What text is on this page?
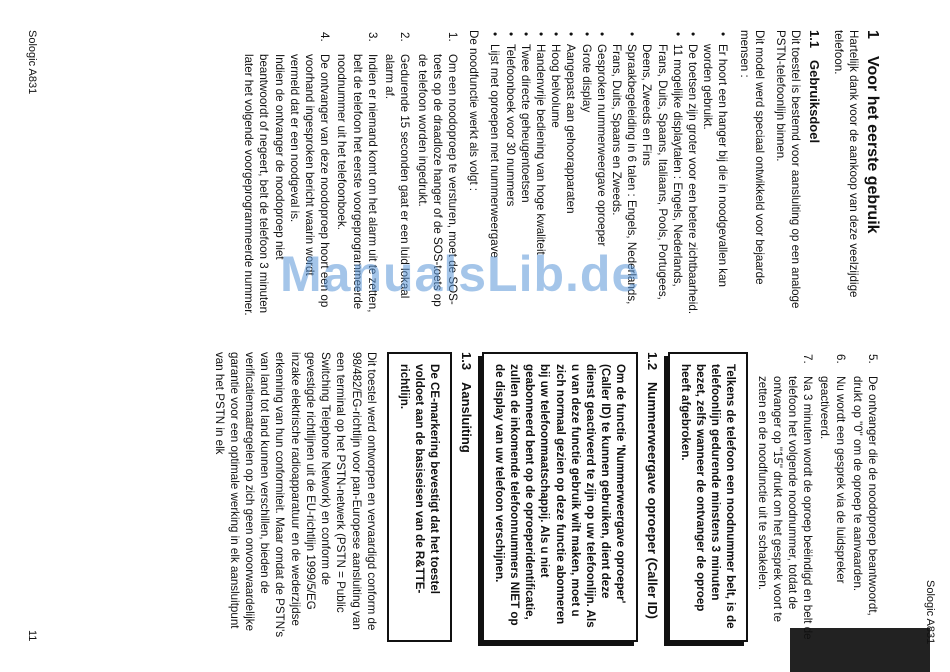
Sologic A831
1Voor het eerste gebruik

Hartelijk dank voor de aankoop van deze veelzijdige telefoon.

1.1Gebruiksdoel

Dit toestel is bestemd voor aansluiting op een analoge PSTN-telefoonlijn binnen.

Dit model werd speciaal ontwikkeld voor bejaarde mensen :

• Er hoort een hanger bij die in noodgevallen kan worden gebruikt.
• De toetsen zijn groter voor een betere zichtbaarheid.
• 11 mogelijke displaytalen : Engels, Nederlands, Frans, Duits, Spaans, Italiaans, Pools, Portugees, Deens, Zweeds en Fins
• Spraakbegeleiding in 6 talen : Engels, Nederlands, Frans, Duits, Spaans en Zweeds.
• Gesproken nummerweergave oproeper
• Grote display
• Aangepast aan gehoorapparaten
• Hoog belvolume
• Handenvrije bediening van hoge kwaliteit
• Twee directe geheugentoetsen
• Telefoonboek voor 30 nummers
• Lijst met oproepen met nummerweergave

De noodfunctie werkt als volgt :

1.
Om een noodoproep te versturen, moet de SOS-toets op de draadloze hanger of de SOS-toets op de telefoon worden ingedrukt.
2.
Gedurende 15 seconden gaat er een luid lokaal alarm af.
3.
Indien er niemand komt om het alarm uit te zetten, belt de telefoon het eerste voorgeprogrammeerde noodnummer uit het telefoonboek.
4.
De ontvanger van deze noodoproep hoort een op voorhand ingesproken bericht waarin wordt vermeld dat er een noodgeval is.
Indien de ontvanger de noodoproep niet beantwoordt of negeert, belt de telefoon 3 minuten later het volgende voorgeprogrammeerde nummer.
5.
De ontvanger die de noodoproep beantwoordt, drukt op "0" om de oproep te aanvaarden.
6.
Nu wordt een gesprek via de luidspreker geactiveerd.
7.
Na 3 minuten wordt de oproep beëindigd en belt de telefoon het volgende noodnummer, totdat de ontvanger op "15" drukt om het gesprek voort te zetten en de noodfunctie uit te schakelen.
Telkens de telefoon een noodnummer belt, is de telefoonlijn gedurende minstens 3 minuten bezet, zelfs wanneer de ontvanger de oproep heeft afgebroken.
1.2Nummerweergave oproeper (Caller ID)
Om de functie 'Nummerweergave oproeper' (Caller ID) te kunnen gebruiken, dient deze dienst geactiveerd te zijn op uw telefoonlijn. Als u van deze functie gebruik wilt maken, moet u zich normaal gezien op deze functie abonneren bij uw telefoonmaatschappij. Als u niet geabonneerd bent op de oproeperidentificatie, zullen de inkomende telefoonnummers NIET op de display van uw telefoon verschijnen.
1.3Aansluiting
De CE-markering bevestigt dat het toestel voldoet aan de basiseisen van de R&TTE-richtlijn.

Dit toestel werd ontworpen en vervaardigd conform de 98/482/EG-richtlijn voor pan-Europese aansluiting van een terminal op het PSTN-netwerk (PSTN = Public Switching Telephone Network) en conform de gevestigde richtlijnen uit de EU-richtlijn 1999/5/EG inzake elektrische radioapparatuur en de wederzijdse erkenning van hun conformiteit. Maar omdat de PSTN's van land tot land kunnen verschillen, bieden de verificatiemaatregelen op zich geen onvoorwaardelijke garantie voor een optimale werking in elk aansluitpunt van het PSTN in elk

Sologic A831
11
ManualsLib.de
